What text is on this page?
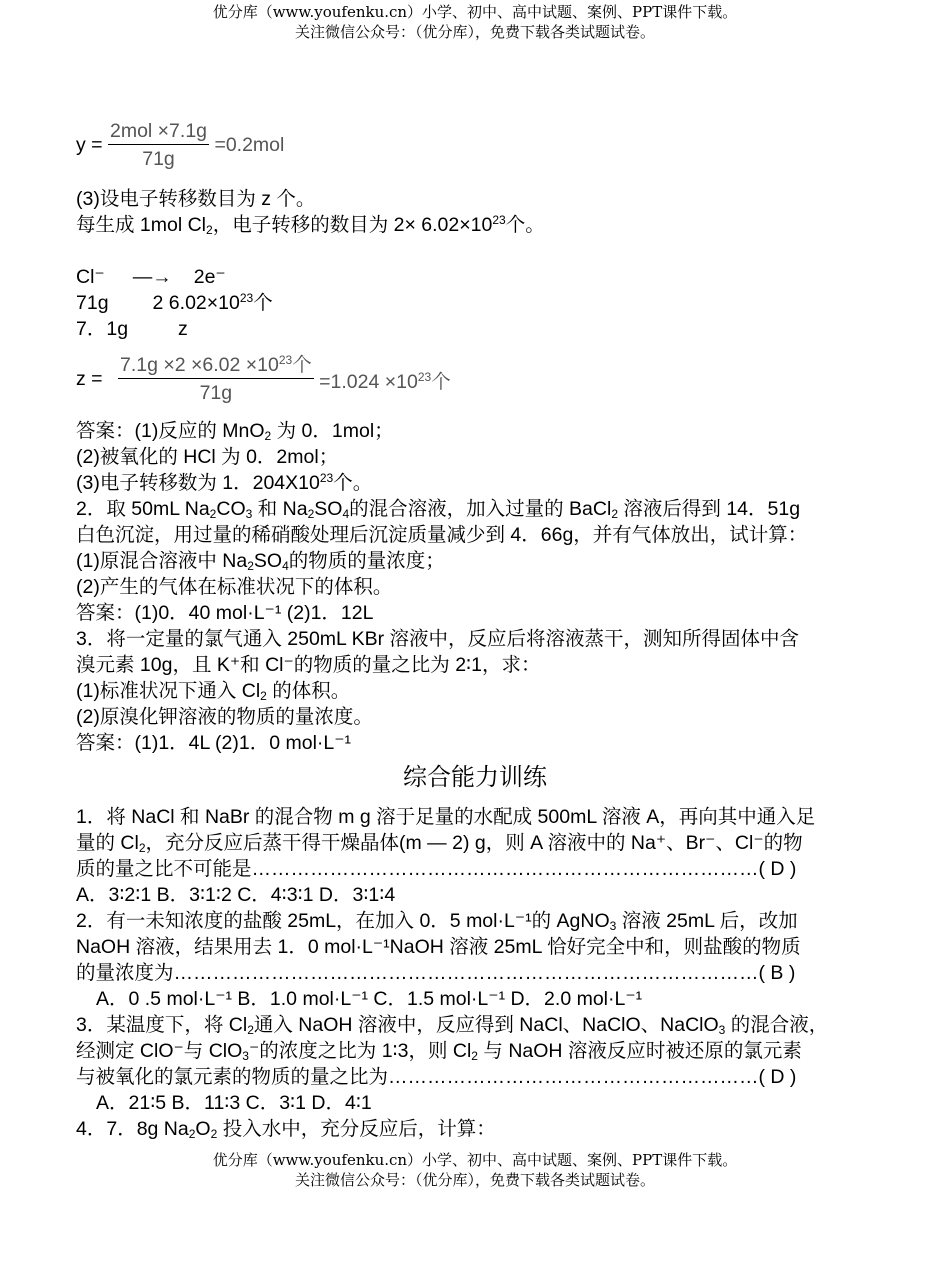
优分库（www.youfenku.cn）小学、初中、高中试题、案例、PPT课件下载。
关注微信公众号：（优分库），免费下载各类试题试卷。
$y = \frac{\text{2mol ×7.1g}}{71g} =0.2mol$
(3)设电子转移数目为 z 个。
每生成 1mol $Cl_2$，电子转移的数目为 $2\times 6.02\times 10^{23}$个。
Cl⁻ —→ 2e⁻
71g 2 $6.02\times 10^{23}$个
7．1g	z
$z = \frac{7.1g \times 2 \times 6.02 \times 10^{23}个}{71g} =1.024 \times 10^{23}$个
答案：(1)反应的 MnO$_2$ 为 0．1mol；
(2)被氧化的 HCl 为 0．2mol；
(3)电子转移数为 1．$204X10^{23}$个。
2．取 50mL $Na_2CO_3$ 和 $Na_2SO_4$的混合溶液，加入过量的 BaCl$_2$ 溶液后得到 14．51g
白色沉淀，用过量的稀硝酸处理后沉淀质量减少到 4．66g，并有气体放出，试计算：
(1)原混合溶液中 $Na_2SO_4$的物质的量浓度；
(2)产生的气体在标准状况下的体积。
答案：(1)0．40 mol·L⁻¹ (2)1．12L
3．将一定量的氯气通入 250mL KBr 溶液中，反应后将溶液蒸干，测知所得固体中含
溴元素 10g，且 K⁺和 Cl⁻的物质的量之比为 2∶1，求：
(1)标准状况下通入 $Cl_2$ 的体积。
(2)原溴化钾溶液的物质的量浓度。
答案：(1)1．4L (2)1．0 mol·L⁻¹
综合能力训练
1．将 NaCl 和 NaBr 的混合物 m g 溶于足量的水配成 500mL 溶液 A，再向其中通入足
量的 $Cl_2$，充分反应后蒸干得干燥晶体(m — 2) g，则 A 溶液中的 Na⁺、Br⁻、Cl⁻的物
质的量之比不可能是……………………………………………………………………( D )
A．3∶2∶1 B．3∶1∶2 C．4∶3∶1 D．3∶1∶4
2．有一未知浓度的盐酸 25mL，在加入 0．5 mol·L⁻¹的 AgNO$_3$ 溶液 25mL 后，改加
NaOH 溶液，结果用去 1．0 mol·L⁻¹NaOH 溶液 25mL 恰好完全中和，则盐酸的物质
的量浓度为………………………………………………………………………………( B )
A．0 .5 mol·L⁻¹ B．1.0 mol·L⁻¹ C．1.5 mol·L⁻¹ D．2.0 mol·L⁻¹
3．某温度下，将 $Cl_2$通入 NaOH 溶液中，反应得到 NaCl、NaClO、NaClO$_3$ 的混合液，
经测定 ClO⁻与 ClO$_3$⁻的浓度之比为 1∶3，则 $Cl_2$ 与 NaOH 溶液反应时被还原的氯元素
与被氧化的氯元素的物质的量之比为…………………………………………………( D )
A．21∶5 B．11∶3 C．3∶1 D．4∶1
4．7．8g $Na_2O_2$ 投入水中，充分反应后，计算：
优分库（www.youfenku.cn）小学、初中、高中试题、案例、PPT课件下载。
关注微信公众号：（优分库），免费下载各类试题试卷。
